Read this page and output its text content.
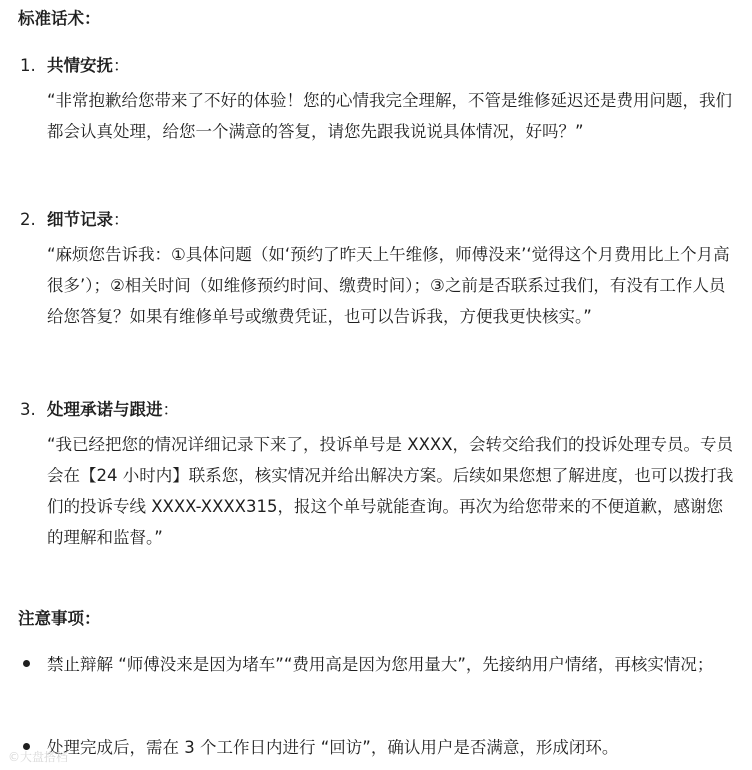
标准话术：
1. 共情安抚：

“非常抱歉给您带来了不好的体验！您的心情我完全理解，不管是维修延迟还是费用问题，我们都会认真处理，给您一个满意的答复，请您先跟我说说具体情况，好吗？”

2. 细节记录：

“麻烦您告诉我：①具体问题（如‘预约了昨天上午维修，师傅没来’‘觉得这个月费用比上个月高很多’）；②相关时间（如维修预约时间、缴费时间）；③之前是否联系过我们，有没有工作人员给您答复？如果有维修单号或缴费凭证，也可以告诉我，方便我更快核实。”

3. 处理承诺与跟进：

“我已经把您的情况详细记录下来了，投诉单号是 XXXX，会转交给我们的投诉处理专员。专员会在【24 小时内】联系您，核实情况并给出解决方案。后续如果您想了解进度，也可以拨打我们的投诉专线 XXXX-XXXX315，报这个单号就能查询。再次为给您带来的不便道歉，感谢您的理解和监督。”

注意事项：

禁止辩解 “师傅没来是因为堵车”“费用高是因为您用量大”，先接纳用户情绪，再核实情况；

处理完成后，需在 3 个工作日内进行 “回访”，确认用户是否满意，形成闭环。

©大盘搭档
